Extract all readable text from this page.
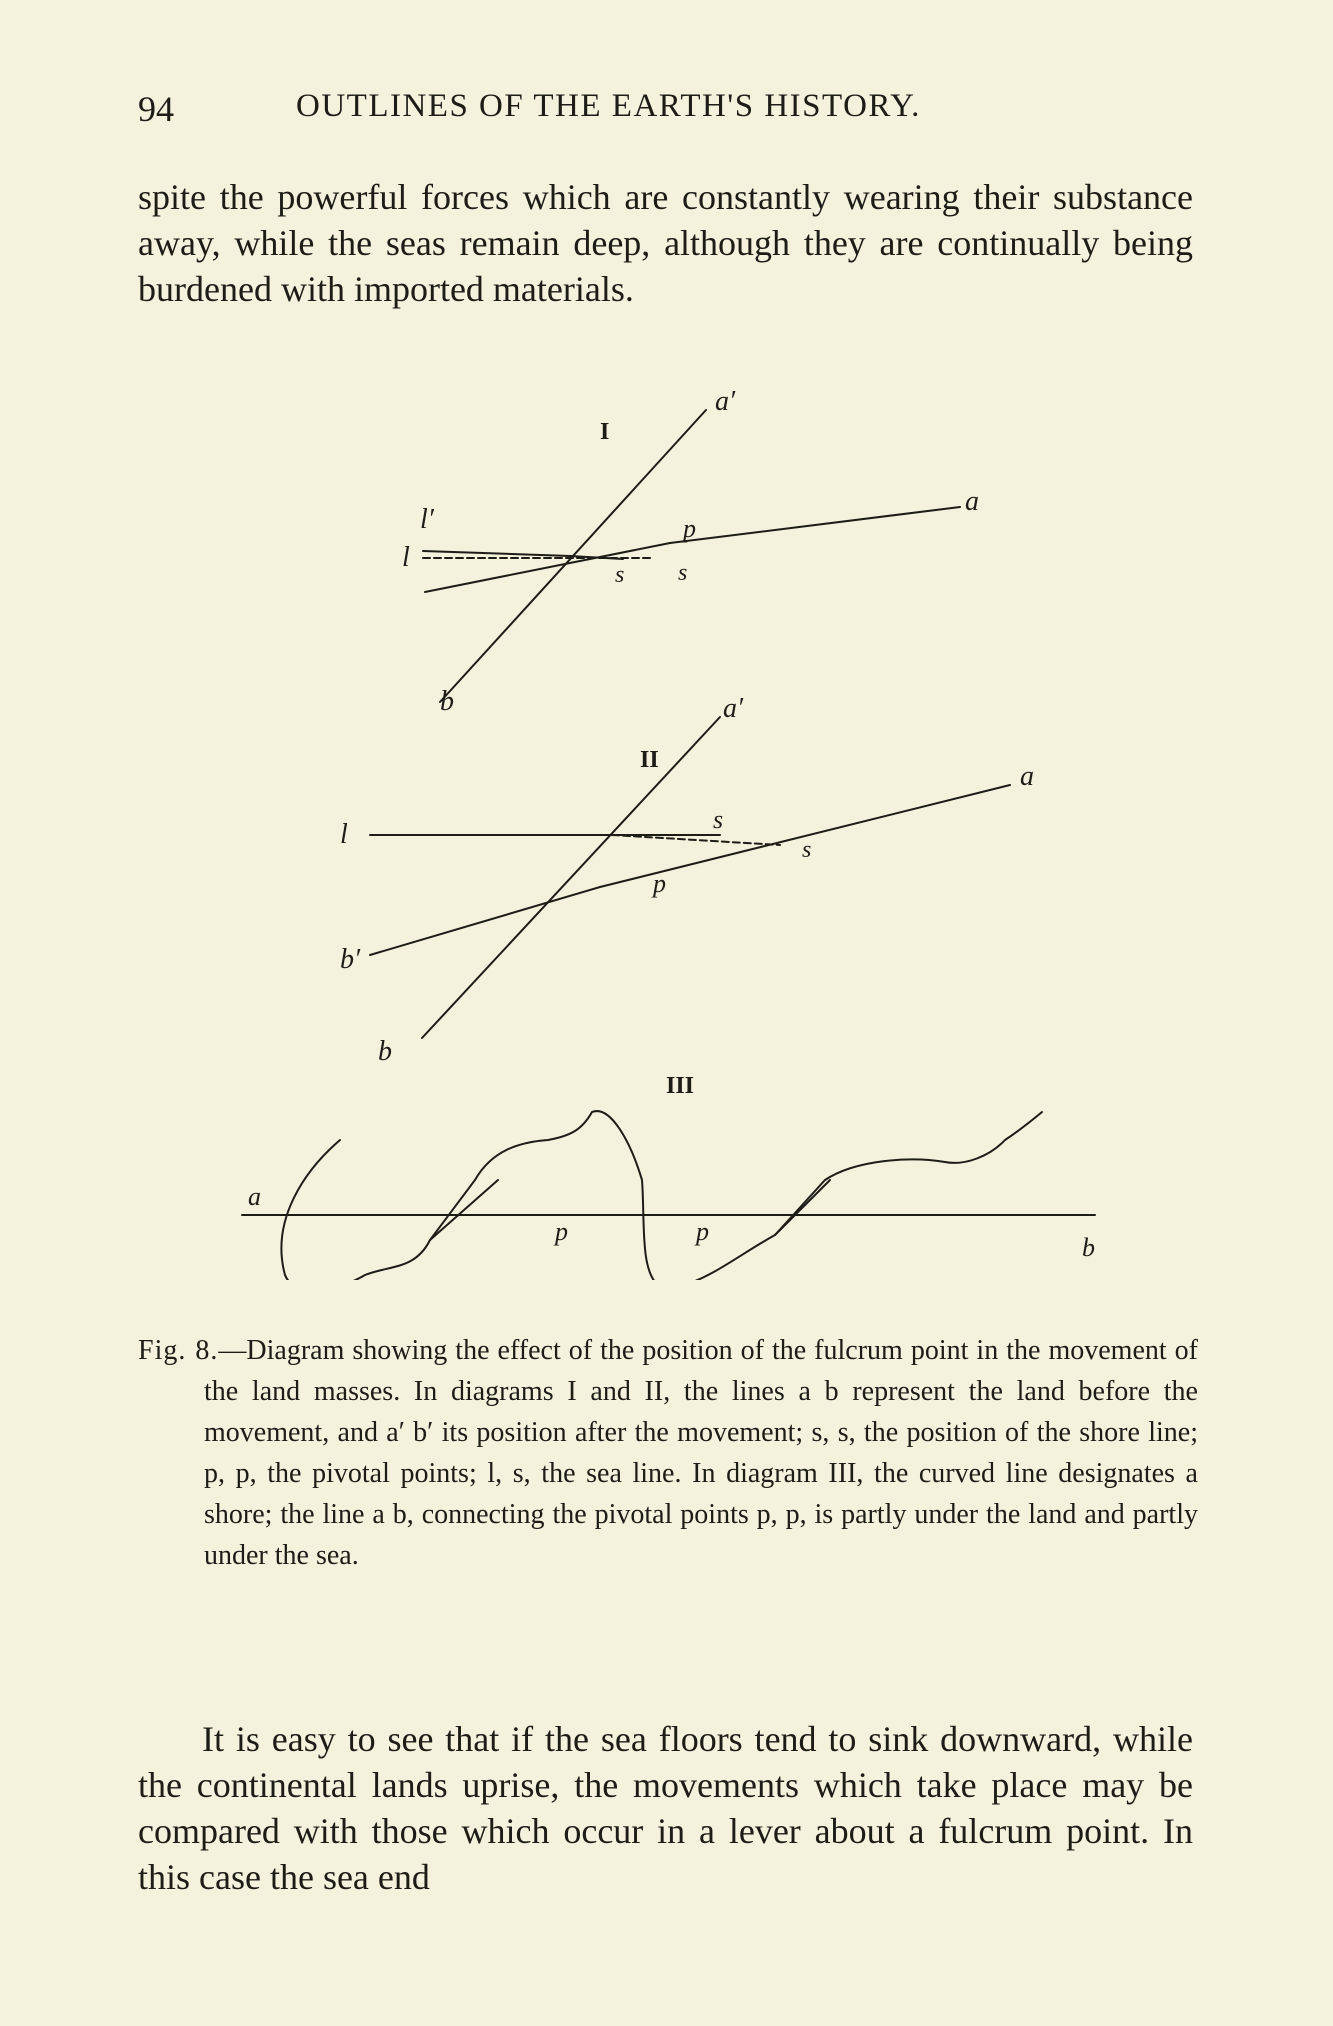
94	OUTLINES OF THE EARTH'S HISTORY.

spite the powerful forces which are constantly wearing their substance away, while the seas remain deep, although they are continually being burdened with imported materials.

I
a′
a
l′
l
p
s s
b
II
a′
a
l	s
s
p
b′
b
III
a
p	p
b

Fig. 8.—Diagram showing the effect of the position of the fulcrum point in the movement of the land masses. In diagrams I and II, the lines a b represent the land before the movement, and a′ b′ its position after the movement; s, s, the position of the shore line; p, p, the pivotal points; l, s, the sea line. In diagram III, the curved line designates a shore; the line a b, connecting the pivotal points p, p, is partly under the land and partly under the sea.

It is easy to see that if the sea floors tend to sink downward, while the continental lands uprise, the movements which take place may be compared with those which occur in a lever about a fulcrum point. In this case the sea end
